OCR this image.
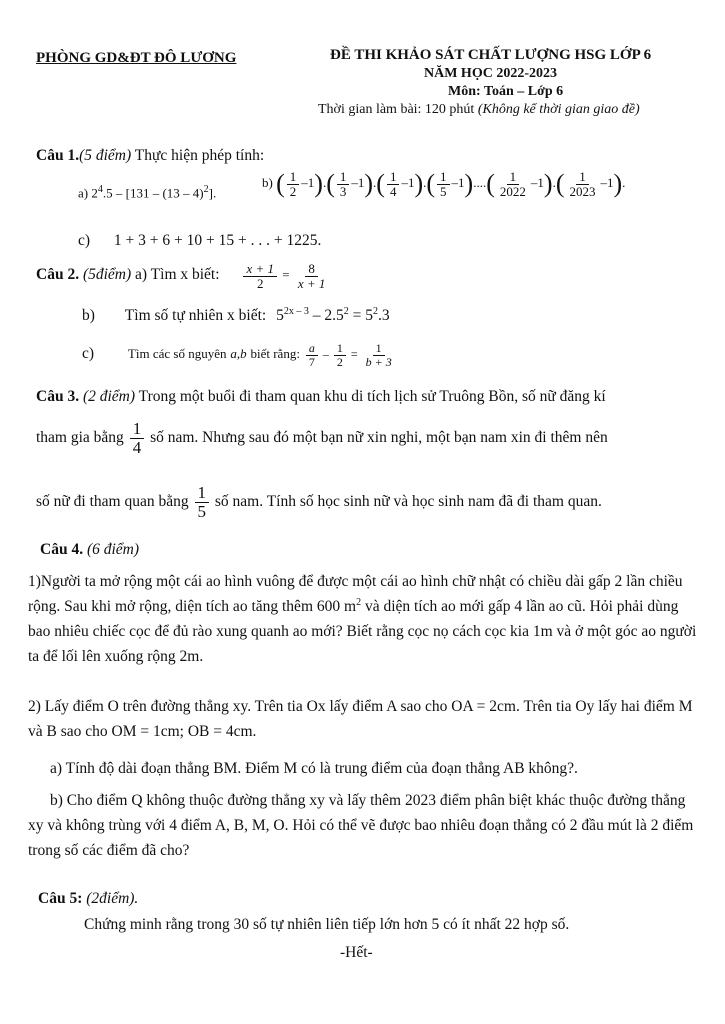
PHÒNG GD&ĐT ĐÔ LƯƠNG	ĐỀ THI KHẢO SÁT CHẤT LƯỢNG HSG LỚP 6
NĂM HỌC 2022-2023
Môn: Toán – Lớp 6
Thời gian làm bài: 120 phút (Không kể thời gian giao đề)
Câu 1.(5 điểm) Thực hiện phép tính:
a) $2^4.5 - [131 - (13 - 4)^2]$.
b) ( $\frac{1}{2} -1).( \frac{1}{3} -1).( \frac{1}{4} -1).( \frac{1}{5} -1)....( \frac{1}{2022} -1).( \frac{1}{2023} -1)$.
c) 1 + 3 + 6 + 10 + 15 + . . . + 1225.
Câu 2. (5điểm) a) Tìm x biết: $\frac{x + 1}{2} = \frac{8}{x + 1}$
b) Tìm số tự nhiên x biết: $5^{2x - 3} - 2.5^2 = 5^2.3$
c)	Tìm các số nguyên a,b biết rằng: $\frac{a}{7} - \frac{1}{2} = \frac{1}{b + 3}$
Câu 3. (2 điểm) Trong một buổi đi tham quan khu di tích lịch sử Truông Bồn, số nữ đăng kí
tham gia bằng $\frac{1}{4}$ số nam. Nhưng sau đó một bạn nữ xin nghi, một bạn nam xin đi thêm nên
số nữ đi tham quan bằng $\frac{1}{5}$ số nam. Tính số học sinh nữ và học sinh nam đã đi tham quan.
Câu 4. (6 điểm)
1)Người ta mở rộng một cái ao hình vuông để được một cái ao hình chữ nhật có chiều dài gấp 2 lần chiều rộng. Sau khi mở rộng, diện tích ao tăng thêm 600 $m^2$ và diện tích ao mới gấp 4 lần ao cũ. Hỏi phải dùng bao nhiêu chiếc cọc để đủ rào xung quanh ao mới? Biết rằng cọc nọ cách cọc kia 1m và ở một góc ao người ta để lối lên xuống rộng 2m.
2) Lấy điểm O trên đường thẳng xy. Trên tia Ox lấy điểm A sao cho OA = 2cm. Trên tia Oy lấy hai điểm M và B sao cho OM = 1cm; OB = 4cm.
a) Tính độ dài đoạn thẳng BM. Điểm M có là trung điểm của đoạn thẳng AB không?.
b) Cho điểm Q không thuộc đường thẳng xy và lấy thêm 2023 điểm phân biệt khác thuộc đường thẳng xy và không trùng với 4 điểm A, B, M, O. Hỏi có thể vẽ được bao nhiêu đoạn thẳng có 2 đầu mút là 2 điểm trong số các điểm đã cho?
Câu 5: (2điểm).
Chứng minh rằng trong 30 số tự nhiên liên tiếp lớn hơn 5 có ít nhất 22 hợp số.
-Hết-
